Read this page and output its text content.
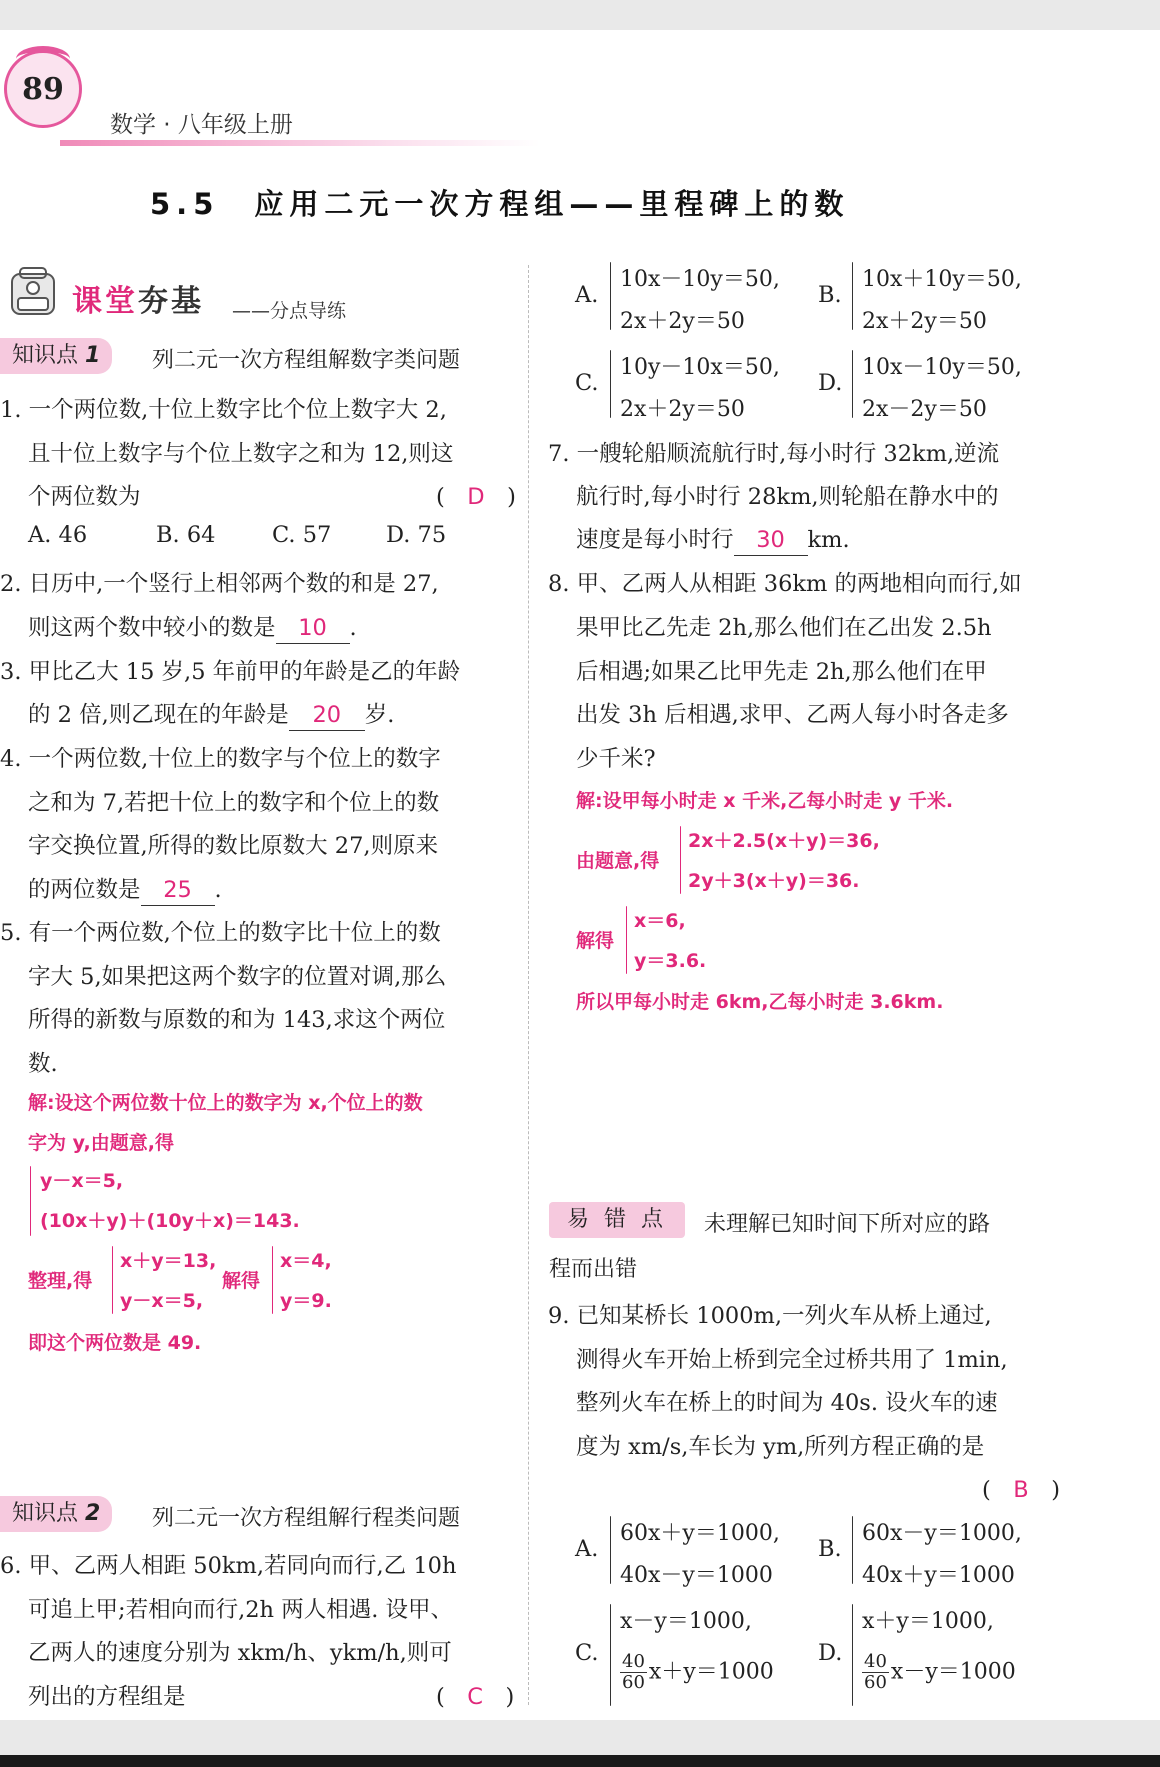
89
数学 · 八年级上册
5.5　应用二元一次方程组——里程碑上的数
课堂夯基 ——分点导练
知识点 1	列二元一次方程组解数字类问题
1. 一个两位数,十位上数字比个位上数字大 2,
且十位上数字与个位上数字之和为 12,则这
个两位数为	(　D　)
A. 46	B. 64	C. 57 D. 75
2. 日历中,一个竖行上相邻两个数的和是 27,
则这两个数中较小的数是 10 .
3. 甲比乙大 15 岁,5 年前甲的年龄是乙的年龄
的 2 倍,则乙现在的年龄是 20 岁.
4. 一个两位数,十位上的数字与个位上的数字
之和为 7,若把十位上的数字和个位上的数
字交换位置,所得的数比原数大 27,则原来
的两位数是 25 .
5. 有一个两位数,个位上的数字比十位上的数
字大 5,如果把这两个数字的位置对调,那么
所得的新数与原数的和为 143,求这个两位
数.
解:设这个两位数十位上的数字为 x,个位上的数
字为 y,由题意,得
y－x＝5,
(10x＋y)＋(10y＋x)＝143.
整理,得
x＋y＝13,
y－x＝5,
解得
x＝4,
y＝9.
即这个两位数是 49.
知识点 2	列二元一次方程组解行程类问题
6. 甲、乙两人相距 50km,若同向而行,乙 10h
可追上甲;若相向而行,2h 两人相遇. 设甲、
乙两人的速度分别为 xkm/h、ykm/h,则可
列出的方程组是	(　C　)
A.
10x－10y＝50,
2x＋2y＝50
B.
10x＋10y＝50,
2x＋2y＝50
C.
10y－10x＝50,
2x＋2y＝50
D.
10x－10y＝50,
2x－2y＝50
7. 一艘轮船顺流航行时,每小时行 32km,逆流
航行时,每小时行 28km,则轮船在静水中的
速度是每小时行 30 km.
8. 甲、乙两人从相距 36km 的两地相向而行,如
果甲比乙先走 2h,那么他们在乙出发 2.5h
后相遇;如果乙比甲先走 2h,那么他们在甲
出发 3h 后相遇,求甲、乙两人每小时各走多
少千米?
解:设甲每小时走 x 千米,乙每小时走 y 千米.
由题意,得
2x＋2.5(x＋y)＝36,
2y＋3(x＋y)＝36.
解得
x＝6,
y＝3.6.
所以甲每小时走 6km,乙每小时走 3.6km.
易 错 点	未理解已知时间下所对应的路
程而出错
9. 已知某桥长 1000m,一列火车从桥上通过,
测得火车开始上桥到完全过桥共用了 1min,
整列火车在桥上的时间为 40s. 设火车的速
度为 xm/s,车长为 ym,所列方程正确的是
(　B　)
A.
60x＋y＝1000,
40x－y＝1000
B.
60x－y＝1000,
40x＋y＝1000
C.
x－y＝1000,
$\frac{40}{60} x+y=1000$
D.
x＋y＝1000,
$\frac{40}{60} x-y=1000$
